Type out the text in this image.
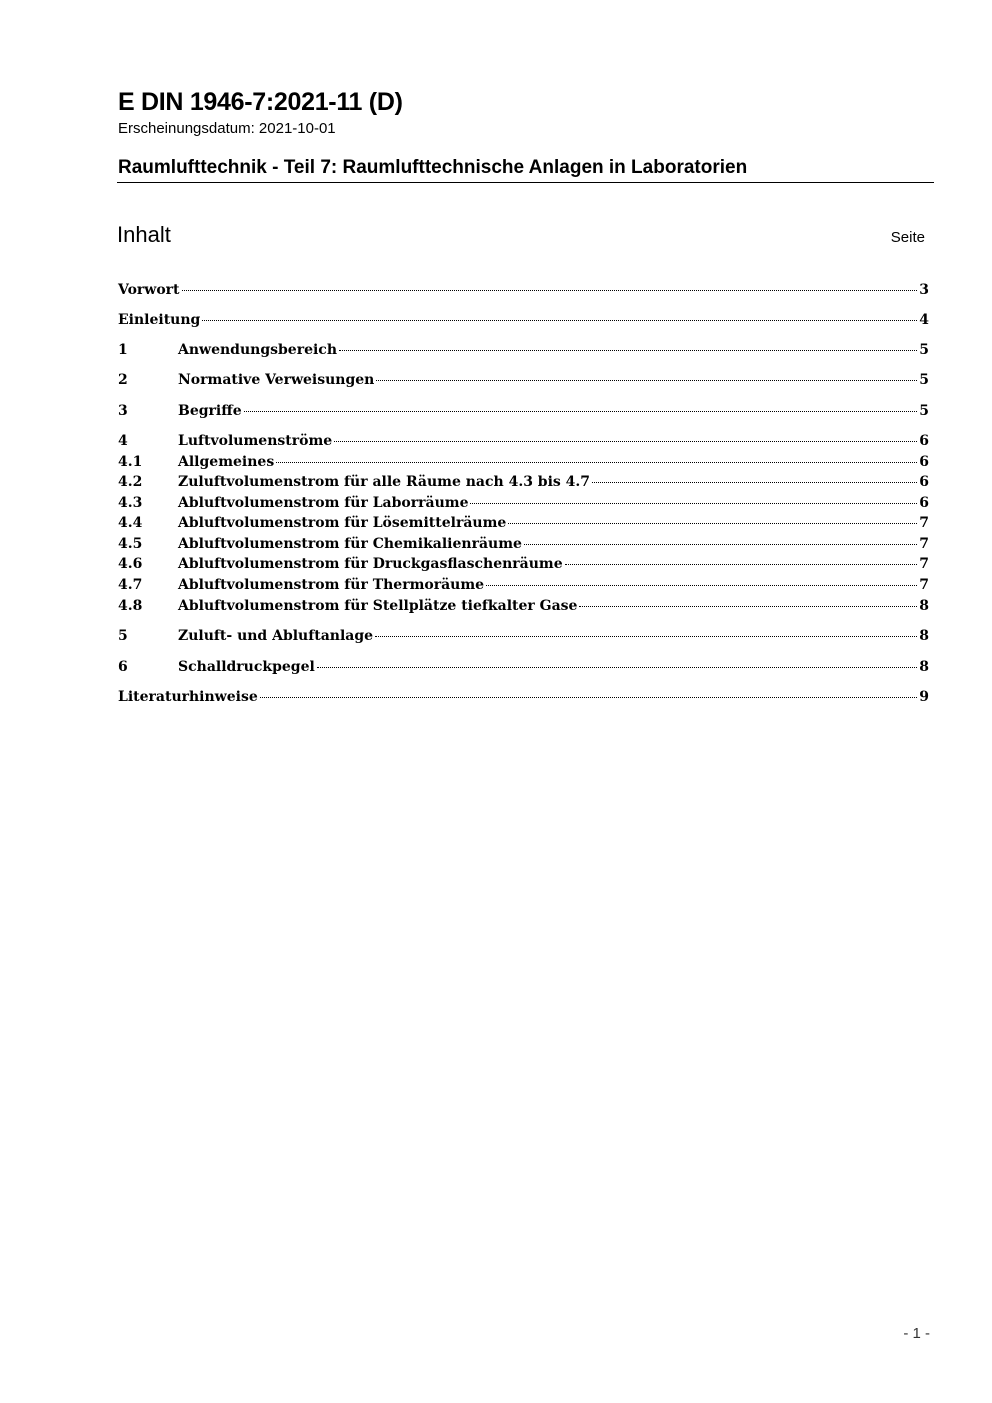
E DIN 1946-7:2021-11 (D)
Erscheinungsdatum: 2021-10-01
Raumlufttechnik - Teil 7: Raumlufttechnische Anlagen in Laboratorien
Inhalt	Seite
Vorwort	3
Einleitung	4
1	Anwendungsbereich	5
2	Normative Verweisungen	5
3	Begriffe	5
4	Luftvolumenströme	6
4.1	Allgemeines	6
4.2	Zuluftvolumenstrom für alle Räume nach 4.3 bis 4.7	6
4.3	Abluftvolumenstrom für Laborräume	6
4.4	Abluftvolumenstrom für Lösemittelräume	7
4.5	Abluftvolumenstrom für Chemikalienräume	7
4.6	Abluftvolumenstrom für Druckgasflaschenräume	7
4.7	Abluftvolumenstrom für Thermoräume	7
4.8	Abluftvolumenstrom für Stellplätze tiefkalter Gase	8
5	Zuluft- und Abluftanlage	8
6	Schalldruckpegel	8
Literaturhinweise	9
- 1 -
